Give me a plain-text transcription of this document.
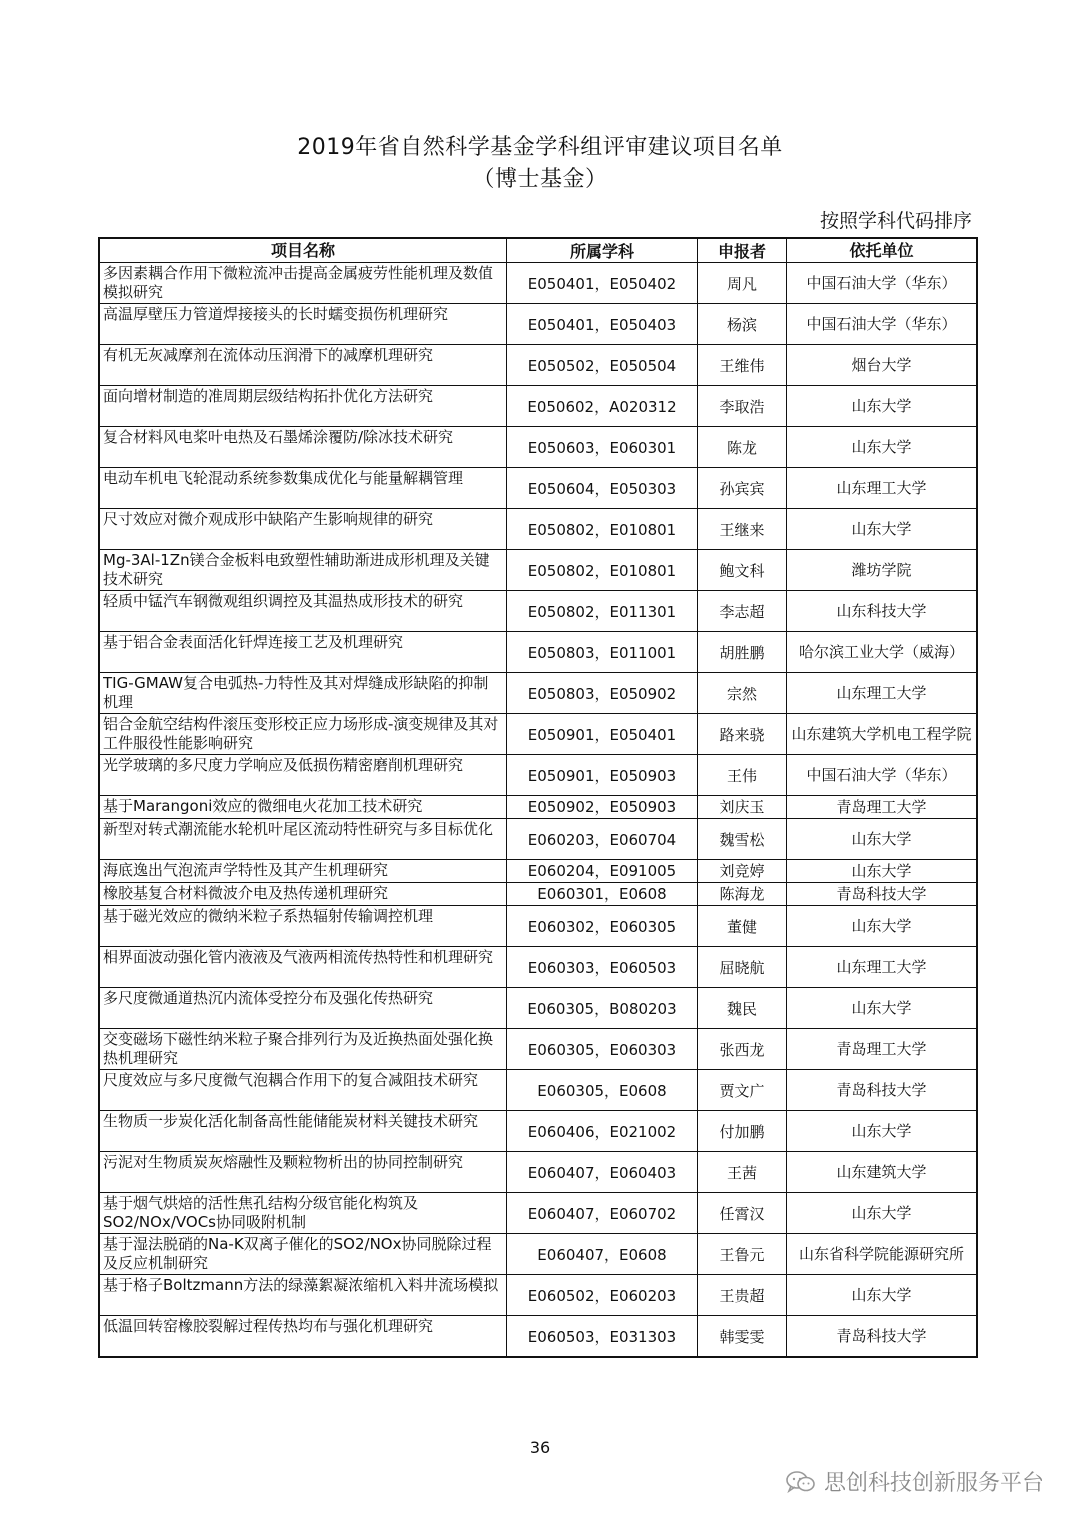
2019年省自然科学基金学科组评审建议项目名单
（博士基金）
按照学科代码排序
项目名称	所属学科	申报者	依托单位

多因素耦合作用下微粒流冲击提高金属疲劳性能机理及数值模拟研究	E050401，E050402	周凡	中国石油大学（华东）

高温厚壁压力管道焊接接头的长时蠕变损伤机理研究	E050401，E050403	杨滨	中国石油大学（华东）

有机无灰减摩剂在流体动压润滑下的减摩机理研究	E050502，E050504	王维伟	烟台大学

面向增材制造的准周期层级结构拓扑优化方法研究	E050602，A020312	李取浩	山东大学

复合材料风电桨叶电热及石墨烯涂覆防/除冰技术研究	E050603，E060301	陈龙	山东大学

电动车机电飞轮混动系统参数集成优化与能量解耦管理	E050604，E050303	孙宾宾	山东理工大学

尺寸效应对微介观成形中缺陷产生影响规律的研究	E050802，E010801	王继来	山东大学

Mg-3Al-1Zn镁合金板料电致塑性辅助渐进成形机理及关键技术研究	E050802，E010801	鲍文科	潍坊学院

轻质中锰汽车钢微观组织调控及其温热成形技术的研究	E050802，E011301	李志超	山东科技大学

基于铝合金表面活化钎焊连接工艺及机理研究	E050803，E011001	胡胜鹏	哈尔滨工业大学（威海）

TIG-GMAW复合电弧热-力特性及其对焊缝成形缺陷的抑制机理	E050803，E050902	宗然	山东理工大学

铝合金航空结构件滚压变形校正应力场形成-演变规律及其对工件服役性能影响研究	E050901，E050401	路来骁	山东建筑大学机电工程学院

光学玻璃的多尺度力学响应及低损伤精密磨削机理研究	E050901，E050903	王伟	中国石油大学（华东）

基于Marangoni效应的微细电火花加工技术研究	E050902，E050903	刘庆玉	青岛理工大学

新型对转式潮流能水轮机叶尾区流动特性研究与多目标优化	E060203，E060704	魏雪松	山东大学

海底逸出气泡流声学特性及其产生机理研究	E060204，E091005	刘竞婷	山东大学

橡胶基复合材料微波介电及热传递机理研究	E060301，E0608	陈海龙	青岛科技大学

基于磁光效应的微纳米粒子系热辐射传输调控机理	E060302，E060305	董健	山东大学

相界面波动强化管内液液及气液两相流传热特性和机理研究	E060303，E060503	屈晓航	山东理工大学

多尺度微通道热沉内流体受控分布及强化传热研究	E060305，B080203	魏民	山东大学

交变磁场下磁性纳米粒子聚合排列行为及近换热面处强化换热机理研究	E060305，E060303	张西龙	青岛理工大学

尺度效应与多尺度微气泡耦合作用下的复合减阻技术研究	E060305，E0608	贾文广	青岛科技大学

生物质一步炭化活化制备高性能储能炭材料关键技术研究	E060406，E021002	付加鹏	山东大学

污泥对生物质炭灰熔融性及颗粒物析出的协同控制研究	E060407，E060403	王茜	山东建筑大学

基于烟气烘焙的活性焦孔结构分级官能化构筑及SO2/NOx/VOCs协同吸附机制	E060407，E060702	任霄汉	山东大学

基于湿法脱硝的Na-K双离子催化的SO2/NOx协同脱除过程及反应机制研究	E060407，E0608	王鲁元	山东省科学院能源研究所

基于格子Boltzmann方法的绿藻絮凝浓缩机入料井流场模拟	E060502，E060203	王贵超	山东大学

低温回转窑橡胶裂解过程传热均布与强化机理研究	E060503，E031303	韩雯雯	青岛科技大学
36
思创科技创新服务平台
